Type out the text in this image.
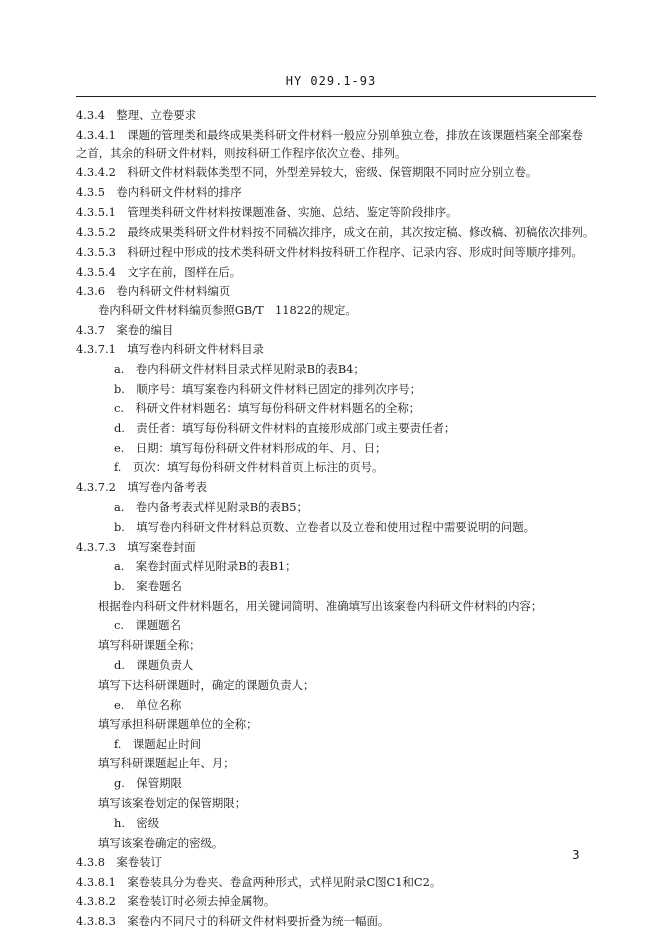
HY 029.1-93
4.3.4　整理、立卷要求
4.3.4.1　课题的管理类和最终成果类科研文件材料一般应分别单独立卷，排放在该课题档案全部案卷
之首，其余的科研文件材料，则按科研工作程序依次立卷、排列。
4.3.4.2　科研文件材料载体类型不同，外型差异较大，密级、保管期限不同时应分别立卷。
4.3.5　卷内科研文件材料的排序
4.3.5.1　管理类科研文件材料按课题准备、实施、总结、鉴定等阶段排序。
4.3.5.2　最终成果类科研文件材料按不同稿次排序，成文在前，其次按定稿、修改稿、初稿依次排列。
4.3.5.3　科研过程中形成的技术类科研文件材料按科研工作程序、记录内容、形成时间等顺序排列。
4.3.5.4　文字在前，图样在后。
4.3.6　卷内科研文件材料编页
卷内科研文件材料编页参照GB/T　11822的规定。
4.3.7　案卷的编目
4.3.7.1　填写卷内科研文件材料目录
a.　卷内科研文件材料目录式样见附录B的表B4；
b.　顺序号：填写案卷内科研文件材料已固定的排列次序号；
c.　科研文件材料题名：填写每份科研文件材料题名的全称；
d.　责任者：填写每份科研文件材料的直接形成部门或主要责任者；
e.　日期：填写每份科研文件材料形成的年、月、日；
f.　页次：填写每份科研文件材料首页上标注的页号。
4.3.7.2　填写卷内备考表
a.　卷内备考表式样见附录B的表B5；
b.　填写卷内科研文件材料总页数、立卷者以及立卷和使用过程中需要说明的问题。
4.3.7.3　填写案卷封面
a.　案卷封面式样见附录B的表B1；
b.　案卷题名
根据卷内科研文件材料题名，用关键词简明、准确填写出该案卷内科研文件材料的内容；
c.　课题题名
填写科研课题全称；
d.　课题负责人
填写下达科研课题时，确定的课题负责人；
e.　单位名称
填写承担科研课题单位的全称；
f.　课题起止时间
填写科研课题起止年、月；
g.　保管期限
填写该案卷划定的保管期限；
h.　密级
填写该案卷确定的密级。
4.3.8　案卷装订
4.3.8.1　案卷装具分为卷夹、卷盒两种形式，式样见附录C图C1和C2。
4.3.8.2　案卷装订时必须去掉金属物。
4.3.8.3　案卷内不同尺寸的科研文件材料要折叠为统一幅面。
3
